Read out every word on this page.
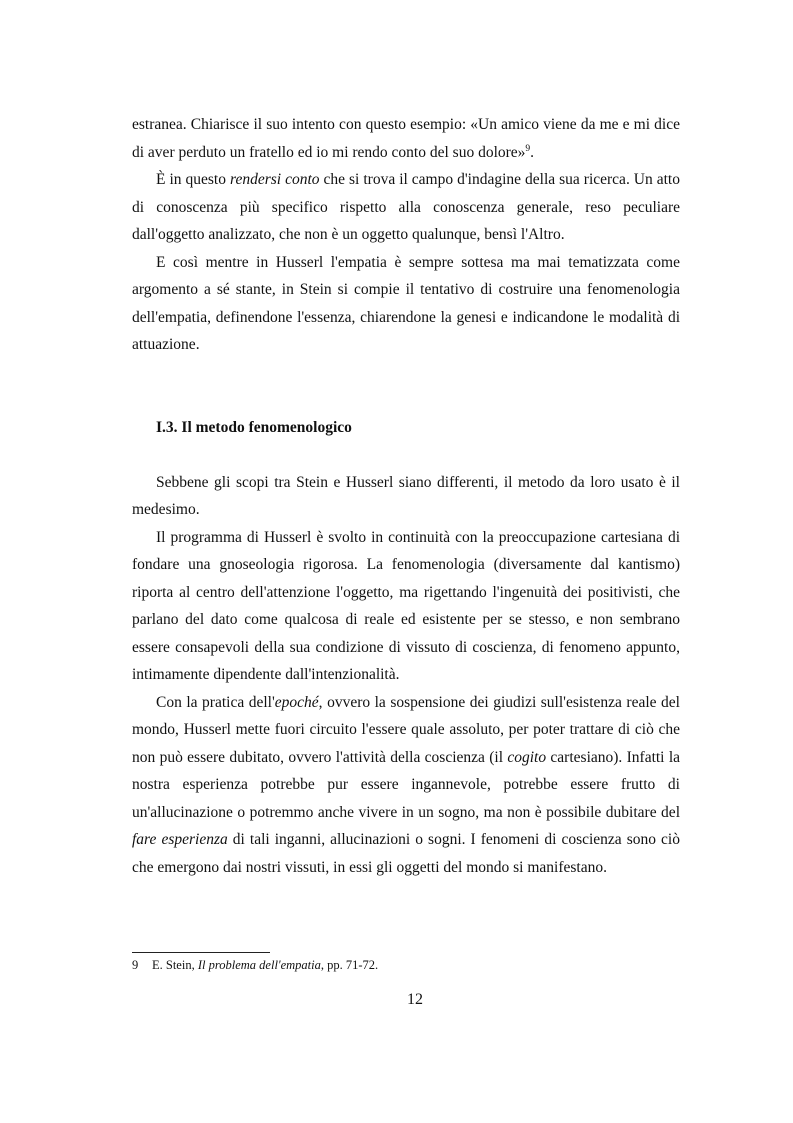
estranea. Chiarisce il suo intento con questo esempio: «Un amico viene da me e mi dice di aver perduto un fratello ed io mi rendo conto del suo dolore»$^9$.

È in questo rendersi conto che si trova il campo d'indagine della sua ricerca. Un atto di conoscenza più specifico rispetto alla conoscenza generale, reso peculiare dall'oggetto analizzato, che non è un oggetto qualunque, bensì l'Altro.

E così mentre in Husserl l'empatia è sempre sottesa ma mai tematizzata come argomento a sé stante, in Stein si compie il tentativo di costruire una fenomenologia dell'empatia, definendone l'essenza, chiarendone la genesi e indicandone le modalità di attuazione.

I.3. Il metodo fenomenologico

Sebbene gli scopi tra Stein e Husserl siano differenti, il metodo da loro usato è il medesimo.

Il programma di Husserl è svolto in continuità con la preoccupazione cartesiana di fondare una gnoseologia rigorosa. La fenomenologia (diversamente dal kantismo) riporta al centro dell'attenzione l'oggetto, ma rigettando l'ingenuità dei positivisti, che parlano del dato come qualcosa di reale ed esistente per se stesso, e non sembrano essere consapevoli della sua condizione di vissuto di coscienza, di fenomeno appunto, intimamente dipendente dall'intenzionalità.

Con la pratica dell'epoché, ovvero la sospensione dei giudizi sull'esistenza reale del mondo, Husserl mette fuori circuito l'essere quale assoluto, per poter trattare di ciò che non può essere dubitato, ovvero l'attività della coscienza (il cogito cartesiano). Infatti la nostra esperienza potrebbe pur essere ingannevole, potrebbe essere frutto di un'allucinazione o potremmo anche vivere in un sogno, ma non è possibile dubitare del fare esperienza di tali inganni, allucinazioni o sogni. I fenomeni di coscienza sono ciò che emergono dai nostri vissuti, in essi gli oggetti del mondo si manifestano.

9 E. Stein, Il problema dell'empatia, pp. 71-72.
12
